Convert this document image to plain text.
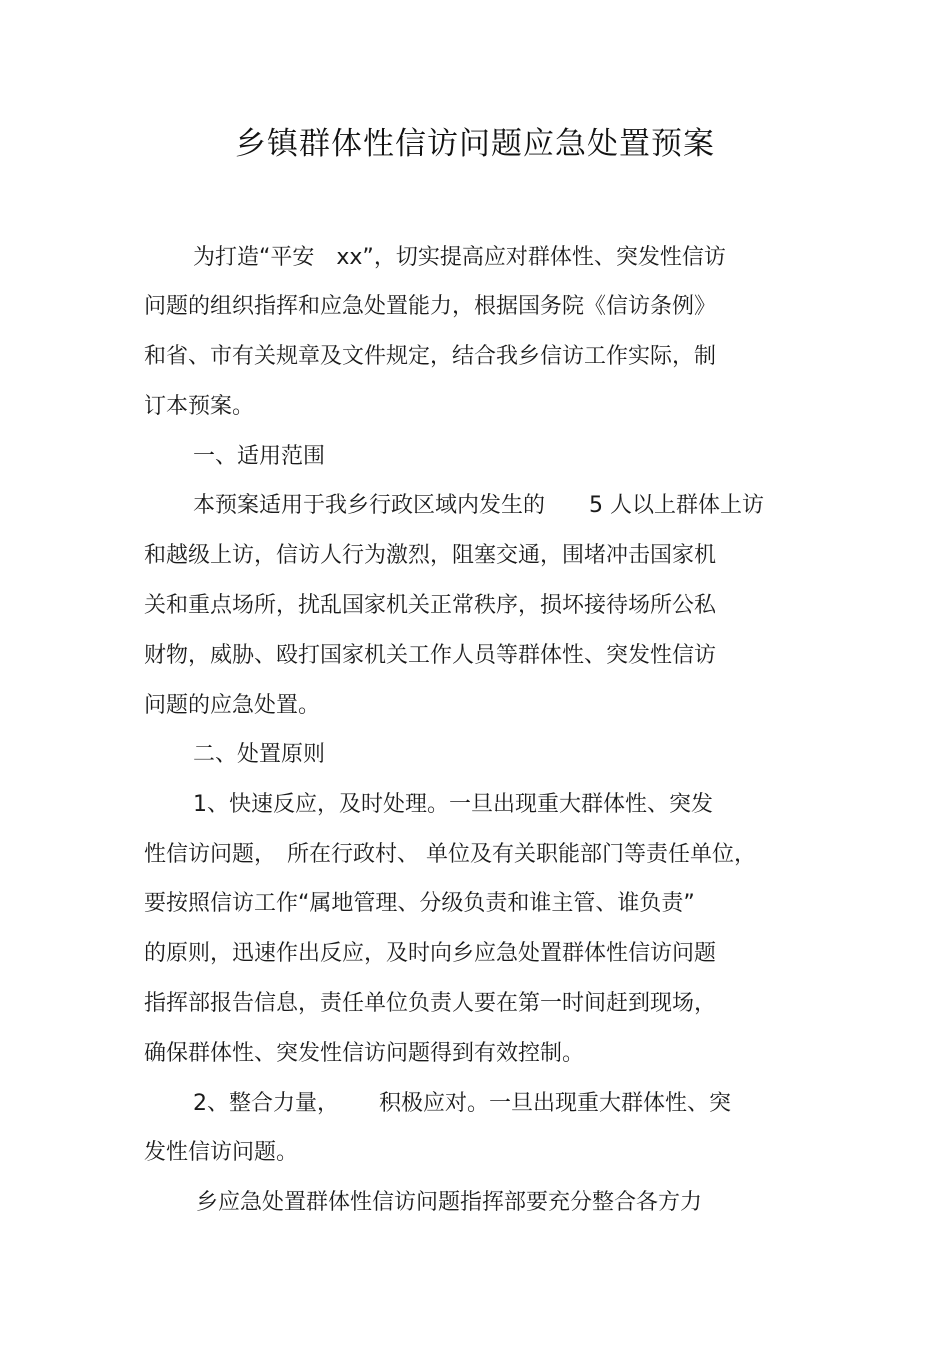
乡镇群体性信访问题应急处置预案
为打造“平安　xx”，切实提高应对群体性、突发性信访
问题的组织指挥和应急处置能力，根据国务院《信访条例》
和省、市有关规章及文件规定，结合我乡信访工作实际，制
订本预案。
一、适用范围
本预案适用于我乡行政区域内发生的　　5 人以上群体上访
和越级上访，信访人行为激烈，阻塞交通，围堵冲击国家机
关和重点场所，扰乱国家机关正常秩序，损坏接待场所公私
财物，威胁、殴打国家机关工作人员等群体性、突发性信访
问题的应急处置。
二、处置原则
1、快速反应，及时处理。一旦出现重大群体性、突发
性信访问题，　所在行政村、 单位及有关职能部门等责任单位，
要按照信访工作“属地管理、分级负责和谁主管、谁负责”
的原则，迅速作出反应，及时向乡应急处置群体性信访问题
指挥部报告信息，责任单位负责人要在第一时间赶到现场，
确保群体性、突发性信访问题得到有效控制。
2、整合力量，　　 积极应对。一旦出现重大群体性、突
发性信访问题。
乡应急处置群体性信访问题指挥部要充分整合各方力
